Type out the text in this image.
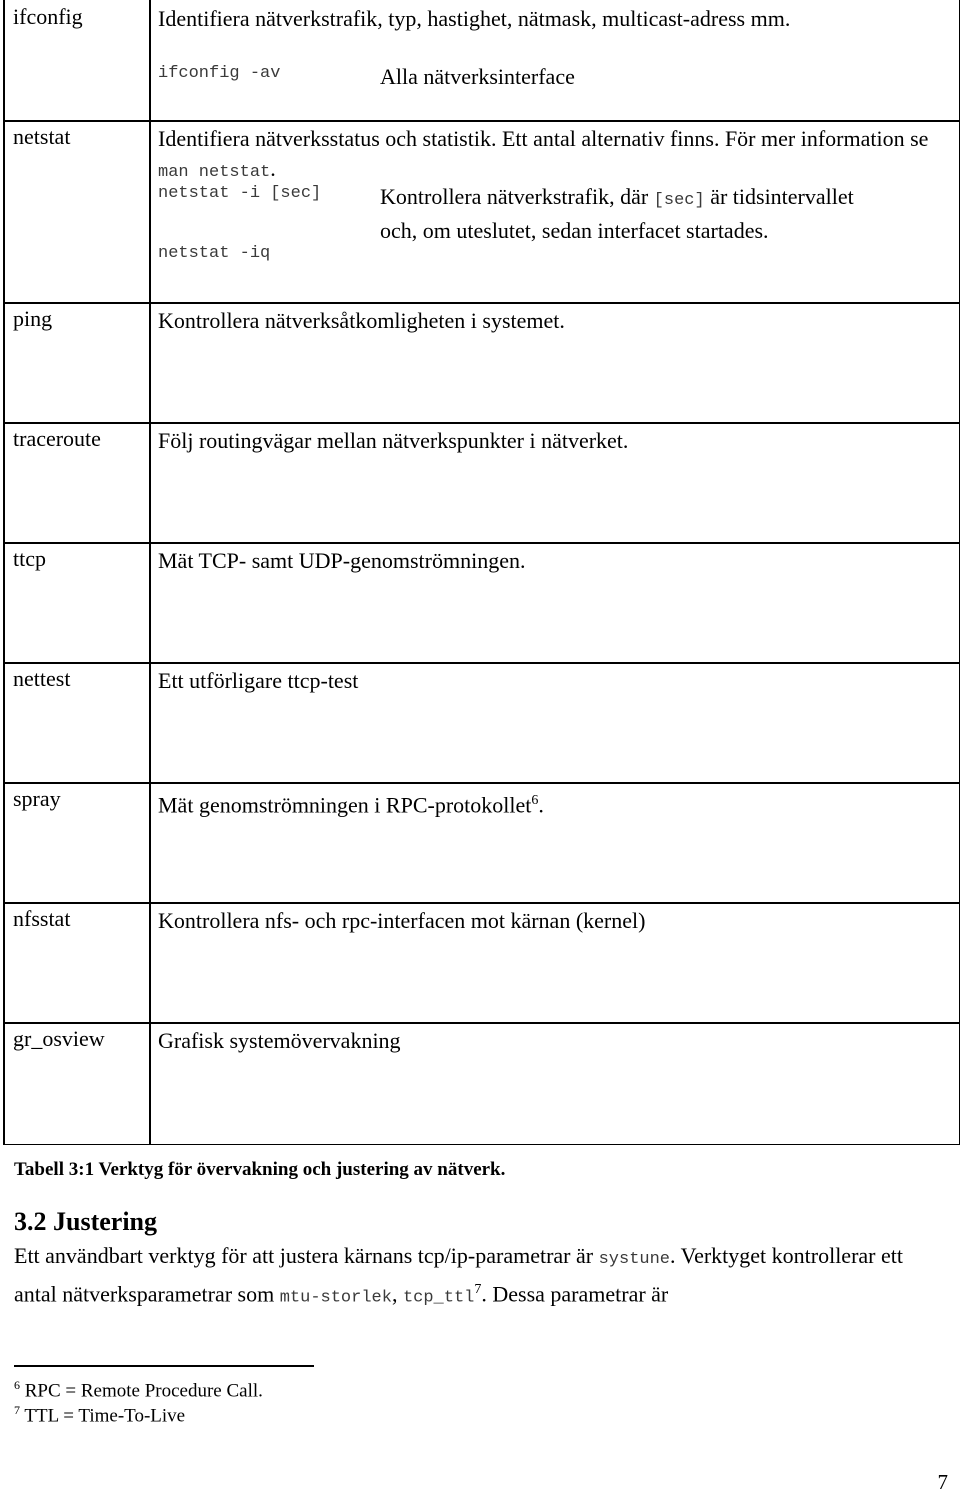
ifconfig	Identifiera nätverkstrafik, typ, hastighet, nätmask, multicast-adress mm.
ifconfig -av	Alla nätverksinterface
netstat	Identifiera nätverksstatus och statistik. Ett antal alternativ finns. För mer information se man netstat.
netstat -i [sec]	Kontrollera nätverkstrafik, där [sec] är tidsintervallet
och, om uteslutet, sedan interfacet startades.
netstat -iq
ping	Kontrollera nätverksåtkomligheten i systemet.
traceroute	Följ routingvägar mellan nätverkspunkter i nätverket.
ttcp	Mät TCP- samt UDP-genomströmningen.
nettest	Ett utförligare ttcp-test
spray	Mät genomströmningen i RPC-protokollet$^6$.
nfsstat	Kontrollera nfs- och rpc-interfacen mot kärnan (kernel)
gr_osview Grafisk systemövervakning
Tabell 3:1 Verktyg för övervakning och justering av nätverk.
3.2 Justering
Ett användbart verktyg för att justera kärnans tcp/ip-parametrar är systune. Verktyget kontrollerar ett antal nätverksparametrar som mtu-storlek, tcp_ttl$^7$. Dessa parametrar är
$^6$ RPC = Remote Procedure Call.
$^7$ TTL = Time-To-Live
7
